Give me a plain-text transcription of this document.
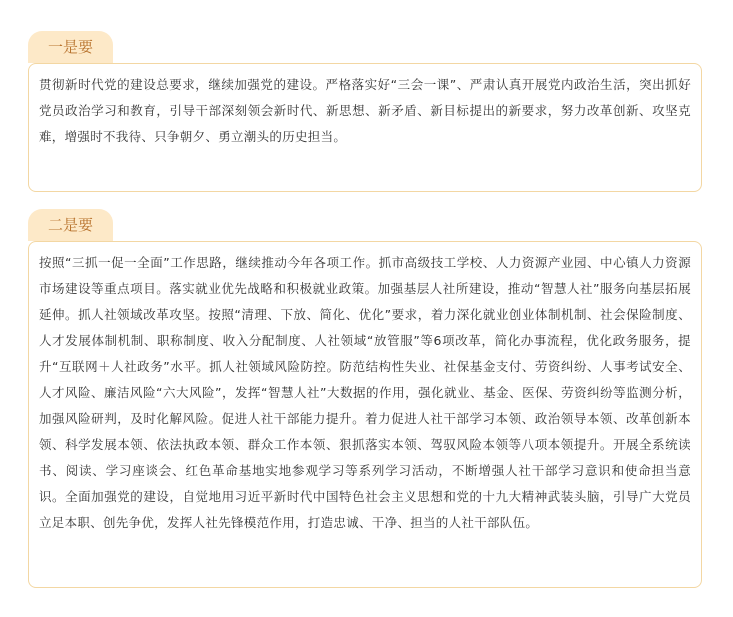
一是要
贯彻新时代党的建设总要求，继续加强党的建设。严格落实好“三会一课”、严肃认真开展党内政治生活，突出抓好党员政治学习和教育，引导干部深刻领会新时代、新思想、新矛盾、新目标提出的新要求，努力改革创新、攻坚克难，增强时不我待、只争朝夕、勇立潮头的历史担当。
二是要
按照“三抓一促一全面”工作思路，继续推动今年各项工作。抓市高级技工学校、人力资源产业园、中心镇人力资源市场建设等重点项目。落实就业优先战略和积极就业政策。加强基层人社所建设，推动“智慧人社”服务向基层拓展延伸。抓人社领域改革攻坚。按照“清理、下放、简化、优化”要求，着力深化就业创业体制机制、社会保险制度、人才发展体制机制、职称制度、收入分配制度、人社领域“放管服”等6项改革，简化办事流程，优化政务服务，提升“互联网＋人社政务”水平。抓人社领域风险防控。防范结构性失业、社保基金支付、劳资纠纷、人事考试安全、人才风险、廉洁风险“六大风险”，发挥“智慧人社”大数据的作用，强化就业、基金、医保、劳资纠纷等监测分析，加强风险研判，及时化解风险。促进人社干部能力提升。着力促进人社干部学习本领、政治领导本领、改革创新本领、科学发展本领、依法执政本领、群众工作本领、狠抓落实本领、驾驭风险本领等八项本领提升。开展全系统读书、阅读、学习座谈会、红色革命基地实地参观学习等系列学习活动，不断增强人社干部学习意识和使命担当意识。全面加强党的建设，自觉地用习近平新时代中国特色社会主义思想和党的十九大精神武装头脑，引导广大党员立足本职、创先争优，发挥人社先锋模范作用，打造忠诚、干净、担当的人社干部队伍。
